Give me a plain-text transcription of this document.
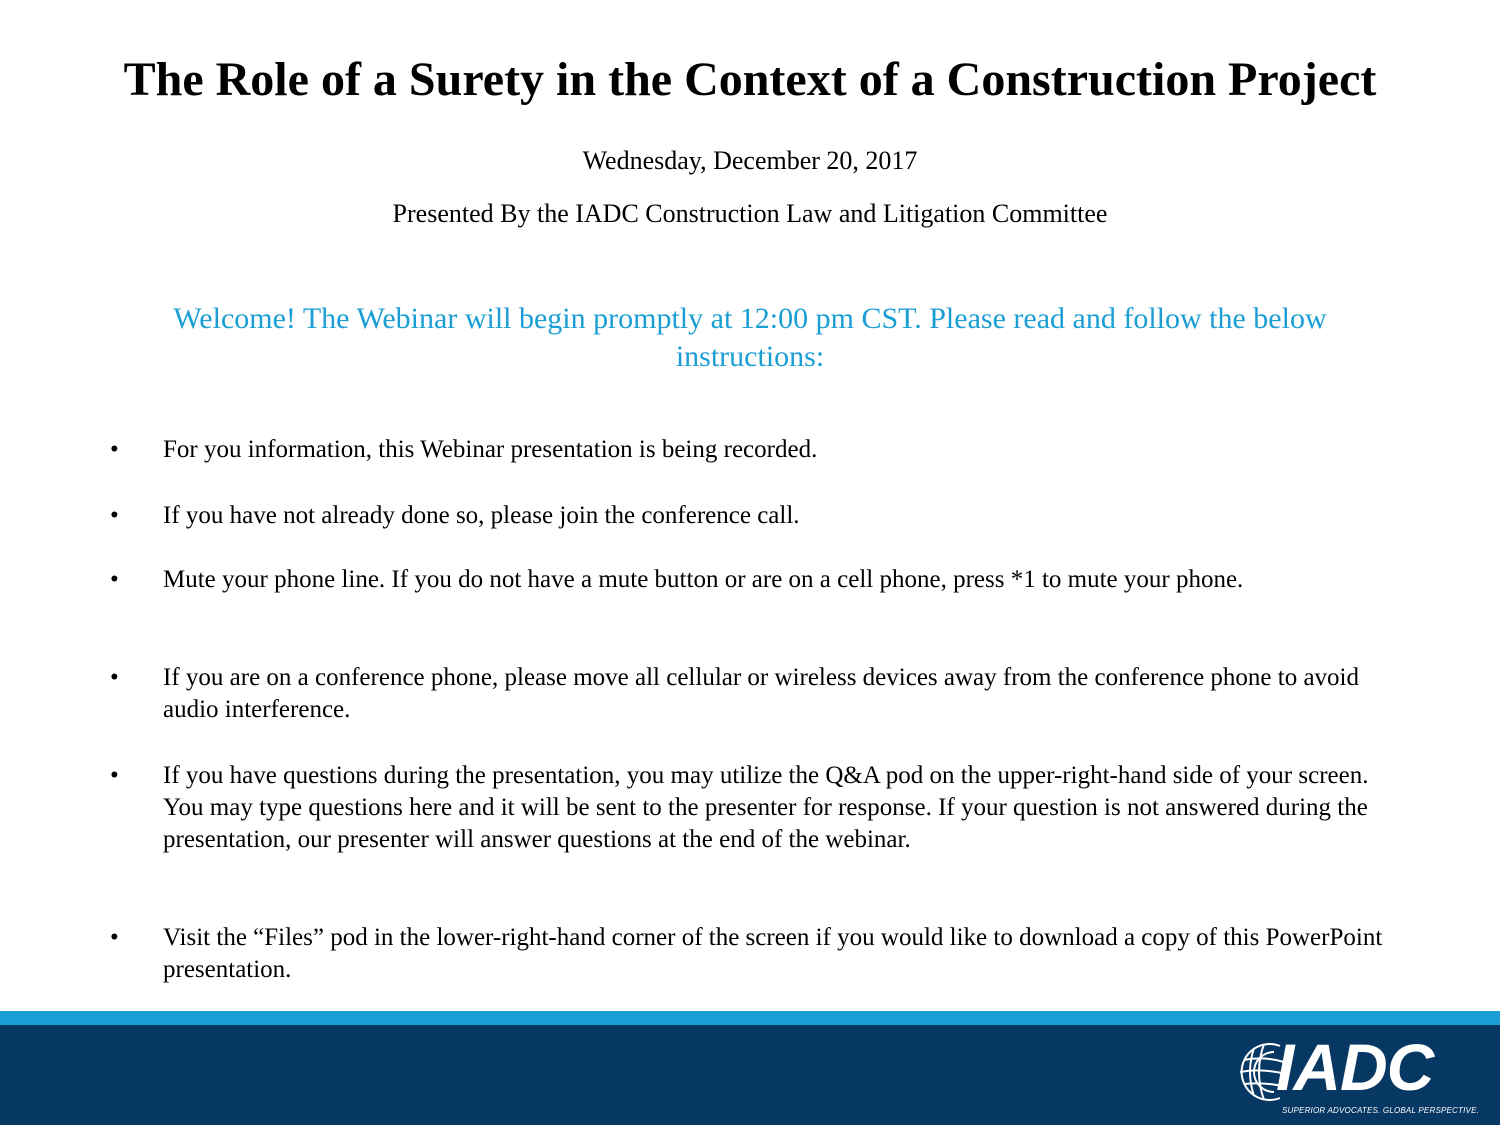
The Role of a Surety in the Context of a Construction Project

Wednesday, December 20, 2017

Presented By the IADC Construction Law and Litigation Committee

Welcome! The Webinar will begin promptly at 12:00 pm CST. Please read and follow the below instructions:

•	For you information, this Webinar presentation is being recorded.
•	If you have not already done so, please join the conference call.
•	Mute your phone line. If you do not have a mute button or are on a cell phone, press *1 to mute your phone.
•	If you are on a conference phone, please move all cellular or wireless devices away from the conference phone to avoid audio interference.
•	If you have questions during the presentation, you may utilize the Q&A pod on the upper-right-hand side of your screen. You may type questions here and it will be sent to the presenter for response. If your question is not answered during the presentation, our presenter will answer questions at the end of the webinar.
•	Visit the “Files” pod in the lower-right-hand corner of the screen if you would like to download a copy of this PowerPoint presentation.
IADC
SUPERIOR ADVOCATES. GLOBAL PERSPECTIVE.
